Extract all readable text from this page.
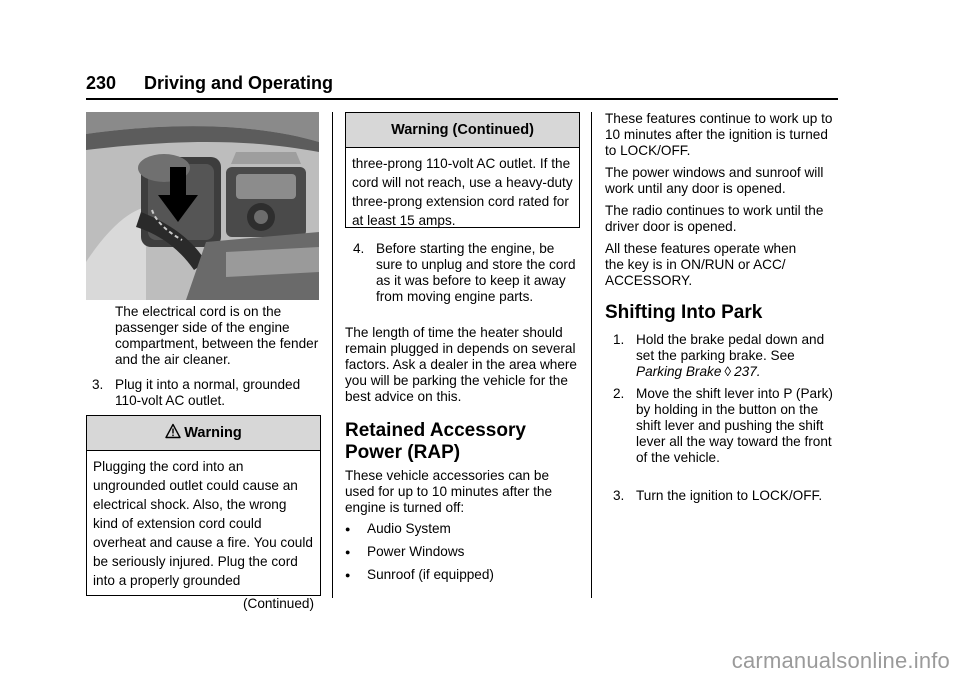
230 Driving and Operating
The electrical cord is on the passenger side of the engine compartment, between the fender and the air cleaner.
3. Plug it into a normal, grounded 110-volt AC outlet.
Warning
Plugging the cord into an ungrounded outlet could cause an electrical shock. Also, the wrong kind of extension cord could overheat and cause a fire. You could be seriously injured. Plug the cord into a properly grounded
(Continued)
Warning (Continued)
three-prong 110-volt AC outlet. If the cord will not reach, use a heavy-duty three-prong extension cord rated for at least 15 amps.
4. Before starting the engine, be sure to unplug and store the cord as it was before to keep it away from moving engine parts.
The length of time the heater should remain plugged in depends on several factors. Ask a dealer in the area where you will be parking the vehicle for the best advice on this.
Retained Accessory Power (RAP)
These vehicle accessories can be used for up to 10 minutes after the engine is turned off:
● Audio System
● Power Windows
● Sunroof (if equipped)
These features continue to work up to 10 minutes after the ignition is turned to LOCK/OFF.
The power windows and sunroof will work until any door is opened.
The radio continues to work until the driver door is opened.
All these features operate when the key is in ON/RUN or ACC/ ACCESSORY.
Shifting Into Park
1. Hold the brake pedal down and set the parking brake. See Parking Brake ◊ 237.
2. Move the shift lever into P (Park) by holding in the button on the shift lever and pushing the shift lever all the way toward the front of the vehicle.
3. Turn the ignition to LOCK/OFF.
carmanualsonline.info
